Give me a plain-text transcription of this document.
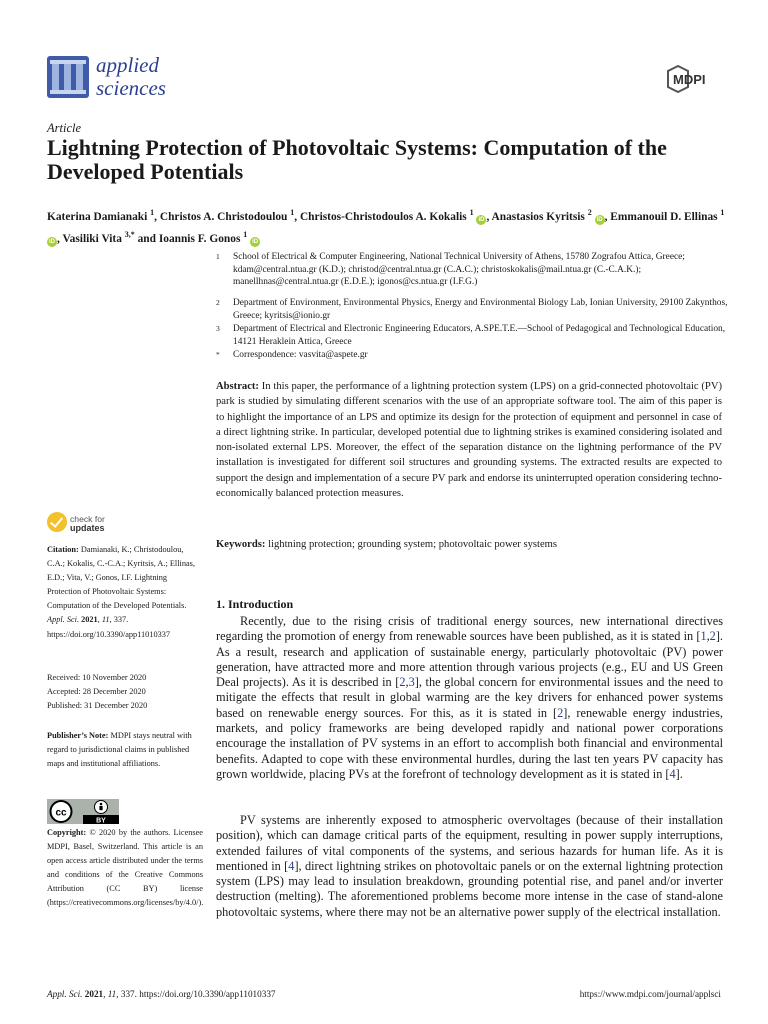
applied
sciences	MDPI
Article
Lightning Protection of Photovoltaic Systems: Computation of the Developed Potentials
Katerina Damianaki $^1$, Christos A. Christodoulou $^1$, Christos-Christodoulos A. Kokalis $^1$ iD , Anastasios Kyritsis $^2$ iD , Emmanouil D. Ellinas $^1$ iD , Vasiliki Vita $^{3,*}$ and Ioannis F. Gonos $^1$ iD
1 School of Electrical & Computer Engineering, National Technical University of Athens, 15780 Zografou Attica, Greece; kdam@central.ntua.gr (K.D.); christod@central.ntua.gr (C.A.C.); christoskokalis@mail.ntua.gr (C.-C.A.K.); manellhnas@central.ntua.gr (E.D.E.); igonos@cs.ntua.gr (I.F.G.)
2 Department of Environment, Environmental Physics, Energy and Environmental Biology Lab, Ionian University, 29100 Zakynthos, Greece; kyritsis@ionio.gr
3 Department of Electrical and Electronic Engineering Educators, A.SPE.T.E.—School of Pedagogical and Technological Education, 14121 Heraklein Attica, Greece
* Correspondence: vasvita@aspete.gr
Abstract: In this paper, the performance of a lightning protection system (LPS) on a grid-connected photovoltaic (PV) park is studied by simulating different scenarios with the use of an appropriate software tool. The aim of this paper is to highlight the importance of an LPS and optimize its design for the protection of equipment and personnel in case of a direct lightning strike. In particular, developed potential due to lightning strikes is examined considering isolated and non-isolated external LPS. Moreover, the effect of the separation distance on the lightning performance of the PV installation is investigated for different soil structures and grounding systems. The extracted results are expected to support the design and implementation of a secure PV park and endorse its uninterrupted operation considering techno-economically balanced protection measures.
Keywords: lightning protection; grounding system; photovoltaic power systems
check for
updates
Citation: Damianaki, K.; Christodoulou, C.A.; Kokalis, C.-C.A.; Kyritsis, A.; Ellinas, E.D.; Vita, V.; Gonos, I.F. Lightning Protection of Photovoltaic Systems: Computation of the Developed Potentials. Appl. Sci. 2021, 11, 337. https://doi.org/10.3390/app11010337
Received: 10 November 2020
Accepted: 28 December 2020
Published: 31 December 2020
Publisher’s Note: MDPI stays neutral with regard to jurisdictional claims in published maps and institutional affiliations.
cc
BY
Copyright: © 2020 by the authors. Licensee MDPI, Basel, Switzerland. This article is an open access article distributed under the terms and conditions of the Creative Commons Attribution (CC BY) license (https://creativecommons.org/licenses/by/4.0/).
1. Introduction

Recently, due to the rising crisis of traditional energy sources, new international directives regarding the promotion of energy from renewable sources have been published, as it is stated in [1,2]. As a result, research and application of sustainable energy, particularly photovoltaic (PV) power generation, have attracted more and more attention through various projects (e.g., EU and US Green Deal projects). As it is described in [2,3], the global concern for environmental issues and the need to mitigate the effects that result in global warming are the key drivers for enhanced power systems based on renewable energy sources. For this, as it is stated in [2], renewable energy industries, markets, and policy frameworks are being developed rapidly and national power corporations encourage the installation of PV systems in an effort to accomplish both financial and environmental benefits. Adapted to cope with these environmental hurdles, during the last ten years PV capacity has grown worldwide, placing PVs at the forefront of technology development as it is stated in [4].

PV systems are inherently exposed to atmospheric overvoltages (because of their installation position), which can damage critical parts of the equipment, resulting in power supply interruptions, extended failures of vital components of the systems, and serious hazards for human life. As it is mentioned in [4], direct lightning strikes on photovoltaic panels or on the external lightning protection system (LPS) may lead to insulation breakdown, grounding potential rise, and panel and/or inverter destruction (melting). The aforementioned problems become more intense in the case of stand-alone photovoltaic systems, where there may not be an alternative power supply of the electrical installation.

Appl. Sci. 2021, 11, 337. https://doi.org/10.3390/app11010337	https://www.mdpi.com/journal/applsci
